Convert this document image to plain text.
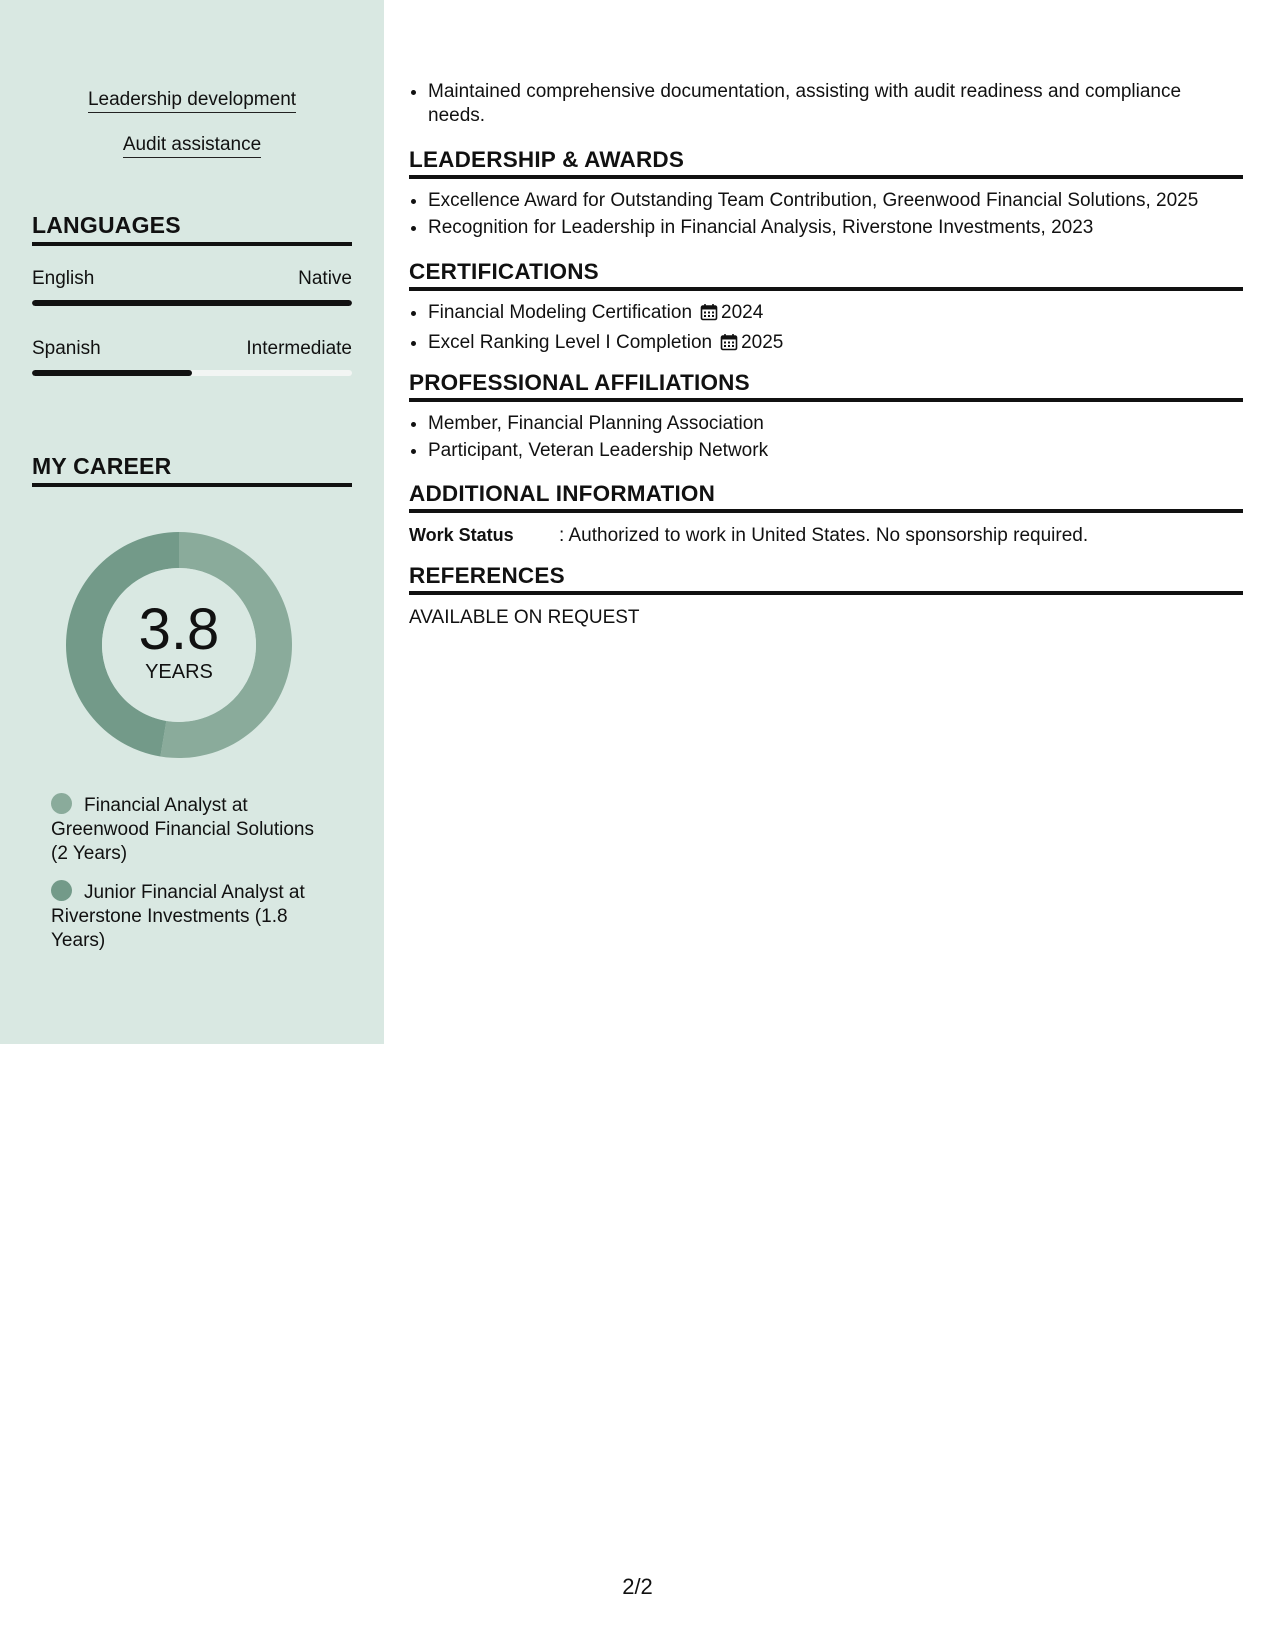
Leadership development
Audit assistance
LANGUAGES
English	Native
Spanish	Intermediate
MY CAREER
3.8
YEARS
Financial Analyst at Greenwood Financial Solutions (2 Years)
Junior Financial Analyst at Riverstone Investments (1.8 Years)
• Maintained comprehensive documentation, assisting with audit readiness and compliance needs.
LEADERSHIP & AWARDS
• Excellence Award for Outstanding Team Contribution, Greenwood Financial Solutions, 2025
• Recognition for Leadership in Financial Analysis, Riverstone Investments, 2023
CERTIFICATIONS
• Financial Modeling Certification 2024
• Excel Ranking Level I Completion 2025
PROFESSIONAL AFFILIATIONS
• Member, Financial Planning Association
• Participant, Veteran Leadership Network
ADDITIONAL INFORMATION
Work Status : Authorized to work in United States. No sponsorship required.
REFERENCES
AVAILABLE ON REQUEST
2/2
